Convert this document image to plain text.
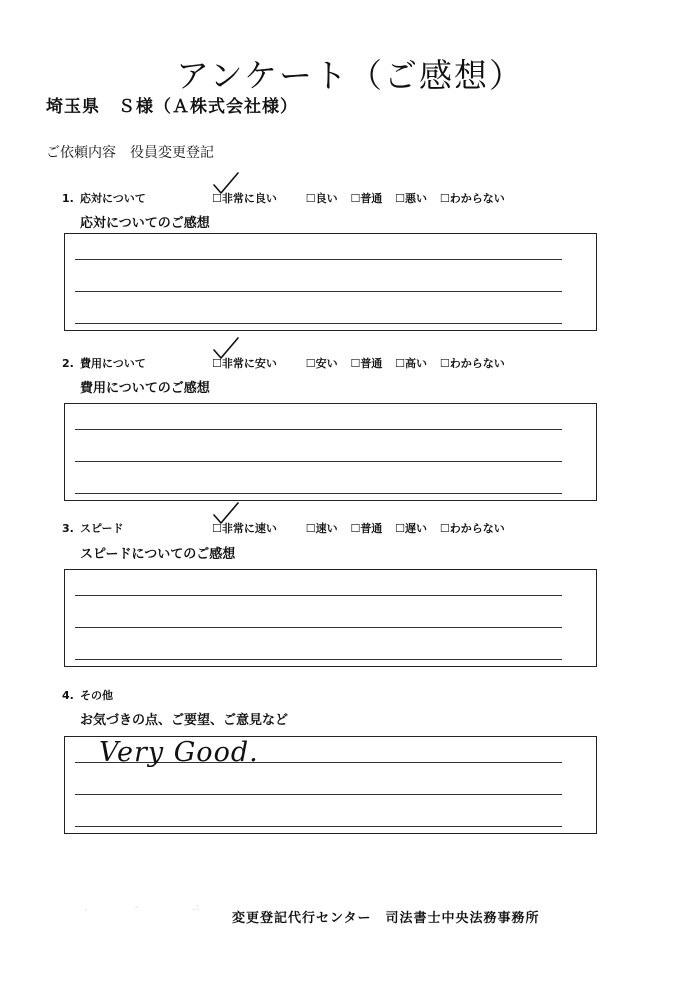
アンケート（ご感想）
埼玉県　Ｓ様（Ａ株式会社様）
ご依頼内容 役員変更登記
1. 応対について	☐非常に良い	☐良い ☐普通 ☐悪い ☐わからない
応対についてのご感想
2. 費用について	☐非常に安い	☐安い ☐普通 ☐高い ☐わからない
費用についてのご感想
3. スピード	☐非常に速い	☐速い ☐普通 ☐遅い ☐わからない
スピードについてのご感想
4. その他
お気づきの点、ご要望、ご意見など
Very Good.
.               -                 .:
変更登記代行センター　司法書士中央法務事務所
